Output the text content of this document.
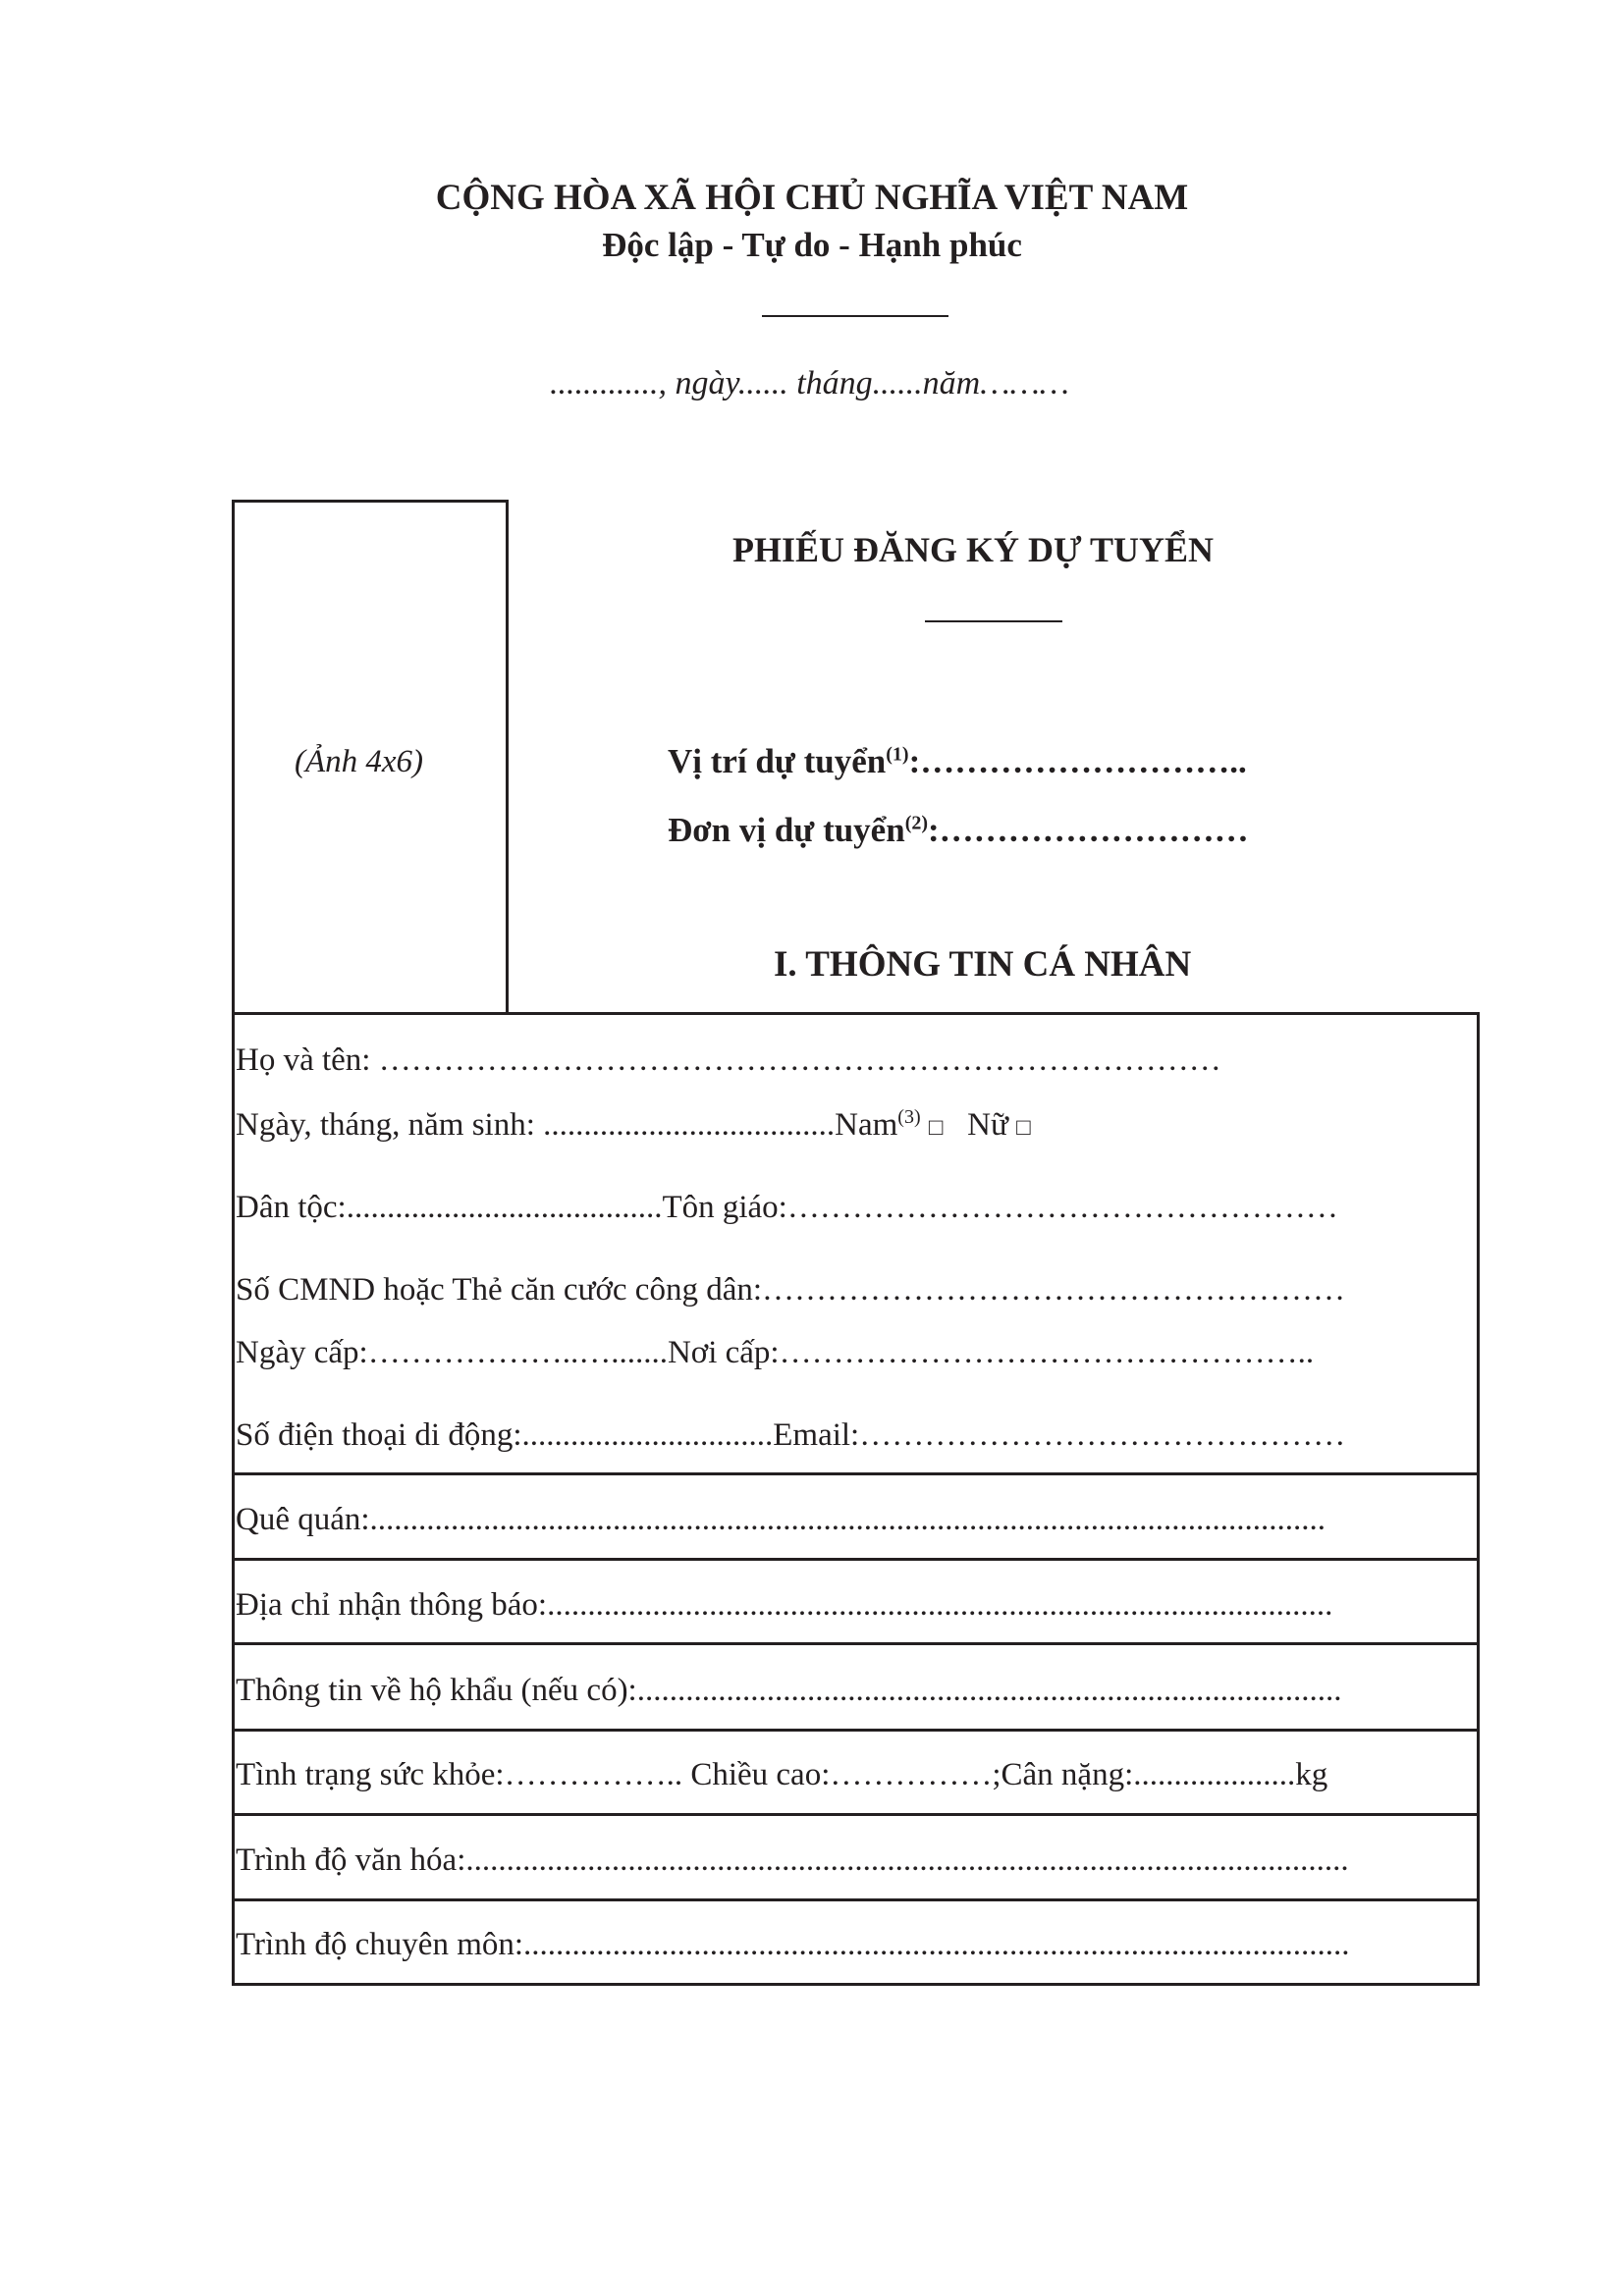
CỘNG HÒA XÃ HỘI CHỦ NGHĨA VIỆT NAM
Độc lập - Tự do - Hạnh phúc
............., ngày...... tháng......năm………
(Ảnh 4x6)
PHIẾU ĐĂNG KÝ DỰ TUYỂN
Vị trí dự tuyển$^{(1)}$:………………………..
Đơn vị dự tuyển$^{(2)}$:………………………
I. THÔNG TIN CÁ NHÂN
Họ và tên: ……………………………………………………………………
Ngày, tháng, năm sinh: ....................................Nam$^{(3)}$ □ Nữ □
Dân tộc:.......................................Tôn giáo:……………………………………………
Số CMND hoặc Thẻ căn cước công dân:………………………………………………
Ngày cấp:………………..….......Nơi cấp:…………………………………………..
Số điện thoại di động:...............................Email:………………………………………
Quê quán:......................................................................................................................
Địa chỉ nhận thông báo:.................................................................................................
Thông tin về hộ khẩu (nếu có):.......................................................................................
Tình trạng sức khỏe:…………….. Chiều cao:……………;Cân nặng:....................kg
Trình độ văn hóa:.............................................................................................................
Trình độ chuyên môn:......................................................................................................
